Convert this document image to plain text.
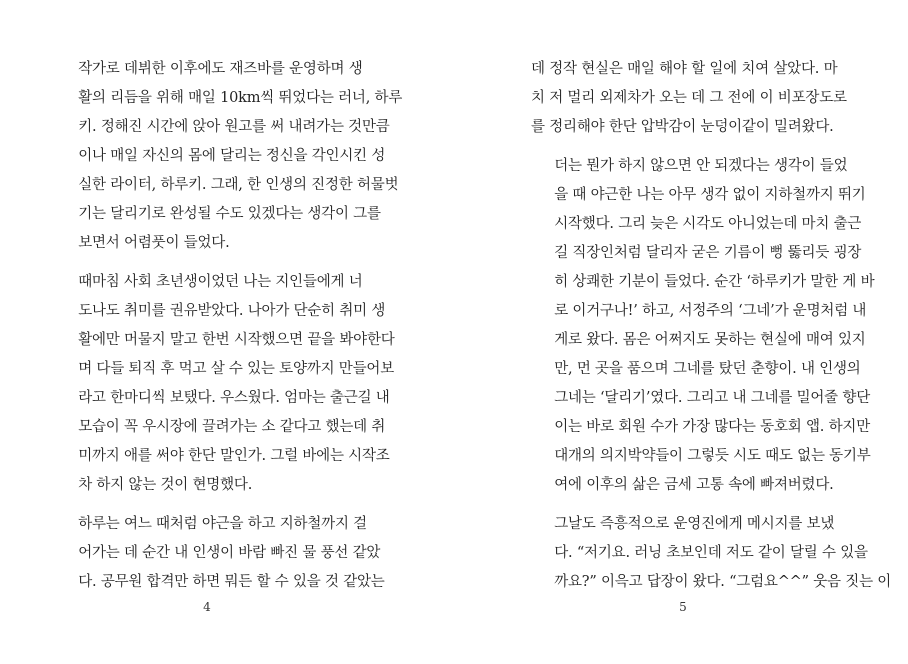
작가로 데뷔한 이후에도 재즈바를 운영하며 생
활의 리듬을 위해 매일 10km씩 뛰었다는 러너, 하루
키. 정해진 시간에 앉아 원고를 써 내려가는 것만큼
이나 매일 자신의 몸에 달리는 정신을 각인시킨 성
실한 라이터, 하루키. 그래, 한 인생의 진정한 허물벗
기는 달리기로 완성될 수도 있겠다는 생각이 그를
보면서 어렴풋이 들었다.

때마침 사회 초년생이었던 나는 지인들에게 너
도나도 취미를 권유받았다. 나아가 단순히 취미 생
활에만 머물지 말고 한번 시작했으면 끝을 봐야한다
며 다들 퇴직 후 먹고 살 수 있는 토양까지 만들어보
라고 한마디씩 보탰다. 우스웠다. 엄마는 출근길 내
모습이 꼭 우시장에 끌려가는 소 같다고 했는데 취
미까지 애를 써야 한단 말인가. 그럴 바에는 시작조
차 하지 않는 것이 현명했다.

하루는 여느 때처럼 야근을 하고 지하철까지 걸
어가는 데 순간 내 인생이 바람 빠진 물 풍선 같았
다. 공무원 합격만 하면 뭐든 할 수 있을 것 같았는

4

데 정작 현실은 매일 해야 할 일에 치여 살았다. 마
치 저 멀리 외제차가 오는 데 그 전에 이 비포장도로
를 정리해야 한단 압박감이 눈덩이같이 밀려왔다.

더는 뭔가 하지 않으면 안 되겠다는 생각이 들었
을 때 야근한 나는 아무 생각 없이 지하철까지 뛰기
시작했다. 그리 늦은 시각도 아니었는데 마치 출근
길 직장인처럼 달리자 굳은 기름이 뻥 뚫리듯 굉장
히 상쾌한 기분이 들었다. 순간 ‘하루키가 말한 게 바
로 이거구나!’ 하고, 서정주의 ‘그네’가 운명처럼 내
게로 왔다. 몸은 어쩌지도 못하는 현실에 매여 있지
만, 먼 곳을 품으며 그네를 탔던 춘향이. 내 인생의
그네는 ‘달리기’였다. 그리고 내 그네를 밀어줄 향단
이는 바로 회원 수가 가장 많다는 동호회 앱. 하지만
대개의 의지박약들이 그렇듯 시도 때도 없는 동기부
여에 이후의 삶은 금세 고통 속에 빠져버렸다.

그날도 즉흥적으로 운영진에게 메시지를 보냈
다. “저기요. 러닝 초보인데 저도 같이 달릴 수 있을
까요?” 이윽고 답장이 왔다. “그럼요^^” 웃음 짓는 이

5
